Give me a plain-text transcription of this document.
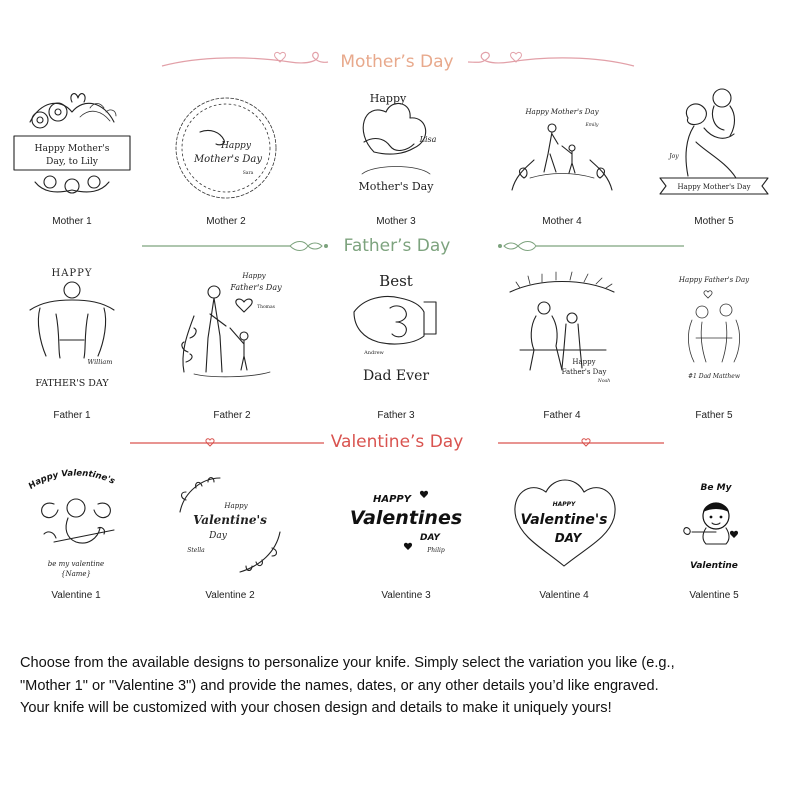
Mother’s Day
Father’s Day
Valentine’s Day
Happy Mother's
Day, to Lily
Mother 1
Happy
Mother's Day
Sara
Mother 2
Happy
Lisa
Mother's Day
Mother 3
Happy Mother's Day
Emily
Mother 4
Joy
Happy Mother's Day
Mother 5
HAPPY
William
FATHER'S DAY
Father 1
Happy
Father's Day
Thomas
Father 2
Best
Andrew
Dad Ever
Father 3
Happy
Father's Day
Noah
Father 4
Happy Father's Day
#1 Dad Matthew
Father 5
Happy Valentine's
be my valentine
{Name}
Valentine 1
Happy
Valentine's
Day
Stella
Valentine 2
HAPPY
Valentines
DAY
Philip
Valentine 3
HAPPY
Valentine's
DAY
Valentine 4
Be My
Valentine
Valentine 5

Choose from the available designs to personalize your knife. Simply select the variation you like (e.g.,

"Mother 1" or "Valentine 3") and provide the names, dates, or any other details you’d like engraved.

Your knife will be customized with your chosen design and details to make it uniquely yours!
